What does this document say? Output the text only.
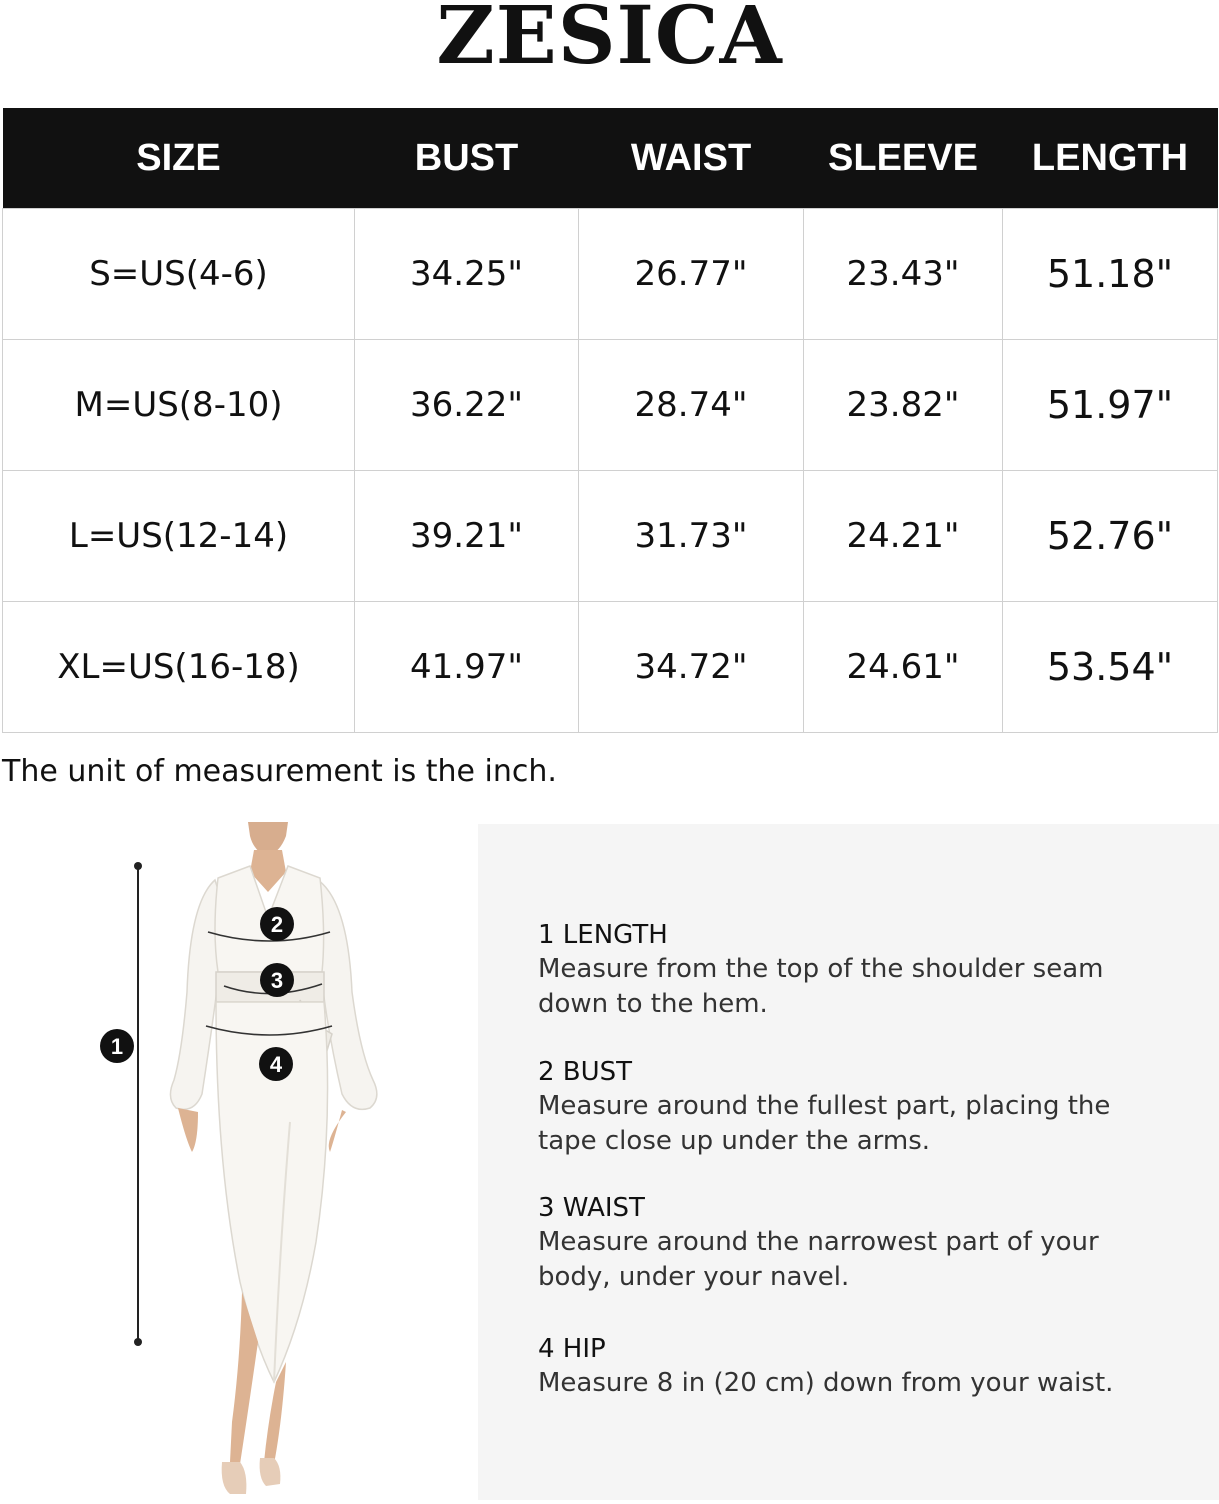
ZESICA
SIZE	BUST	WAIST	SLEEVE	LENGTH
S=US(4-6)	34.25"	26.77"	23.43"	51.18"
M=US(8-10)	36.22"	28.74"	23.82"	51.97"
L=US(12-14)	39.21"	31.73"	24.21"	52.76"
XL=US(16-18)	41.97"	34.72"	24.61"	53.54"

The unit of measurement is the inch.

1
2
3
4
1 LENGTH
Measure from the top of the shoulder seam down to the hem.
2 BUST
Measure around the fullest part, placing the tape close up under the arms.
3 WAIST
Measure around the narrowest part of your body, under your navel.
4 HIP
Measure 8 in (20 cm) down from your waist.
